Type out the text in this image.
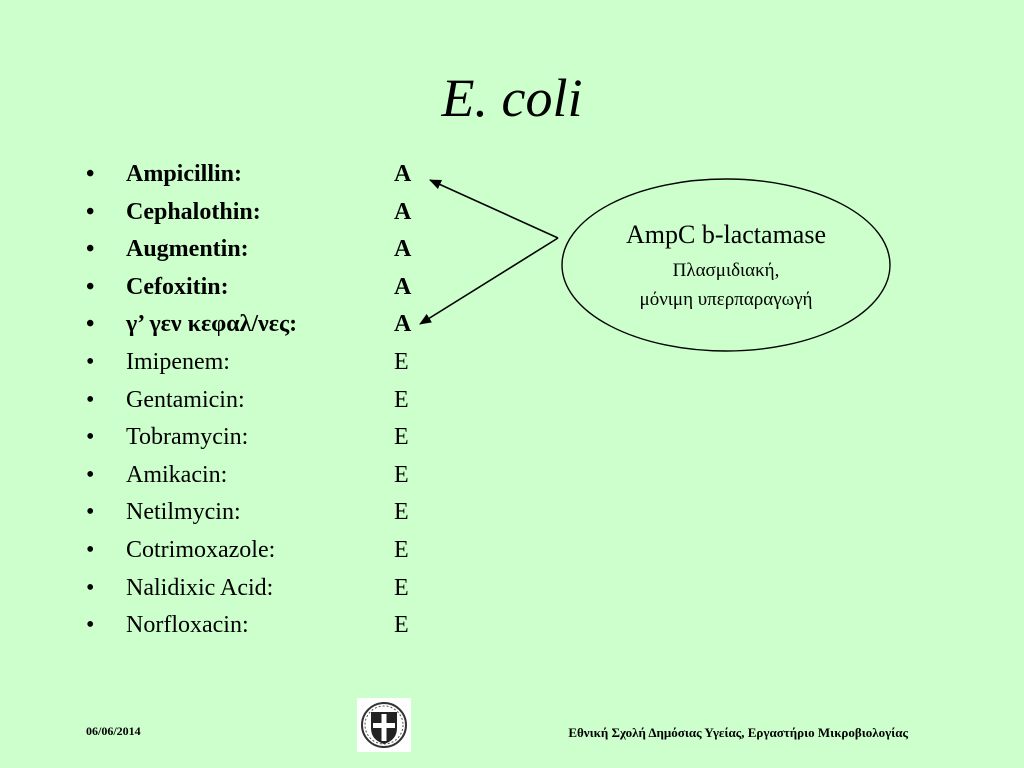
E. coli
• Ampicillin:	A
• Cephalothin:	A
• Augmentin:	A
• Cefoxitin:	A
• γ’ γεν κεφαλ/νες:	A
• Imipenem:	E
• Gentamicin:	E
• Tobramycin:	E
• Amikacin:	E
• Netilmycin:	E
• Cotrimoxazole:	E
• Nalidixic Acid:	E
• Norfloxacin:	E
AmpC b-lactamase
Πλασμιδιακή,
μόνιμη υπερπαραγωγή
06/06/2014	Εθνική Σχολή Δημόσιας Υγείας, Εργαστήριο Μικροβιολογίας
